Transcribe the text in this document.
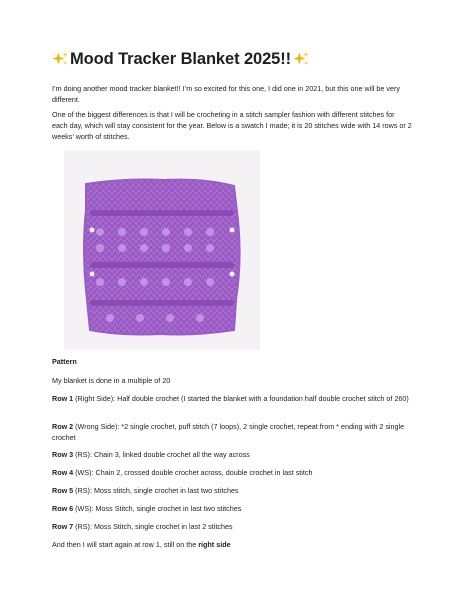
Mood Tracker Blanket 2025!!

I’m doing another mood tracker blanket!! I’m so excited for this one, I did one in 2021, but this one will be very different.

One of the biggest differences is that I will be crocheting in a stitch sampler fashion with different stitches for each day, which will stay consistent for the year. Below is a swatch I made; it is 20 stitches wide with 14 rows or 2 weeks’ worth of stitches.

Pattern

My blanket is done in a multiple of 20

Row 1 (Right Side): Half double crochet (I started the blanket with a foundation half double crochet stitch of 260)

Row 2 (Wrong Side): *2 single crochet, puff stitch (7 loops), 2 single crochet, repeat from * ending with 2 single crochet

Row 3 (RS): Chain 3, linked double crochet all the way across

Row 4 (WS): Chain 2, crossed double crochet across, double crochet in last stitch

Row 5 (RS): Moss stitch, single crochet in last two stitches

Row 6 (WS): Moss Stitch, single crochet in last two stitches

Row 7 (RS): Moss Stitch, single crochet in last 2 stitches

And then I will start again at row 1, still on the right side
